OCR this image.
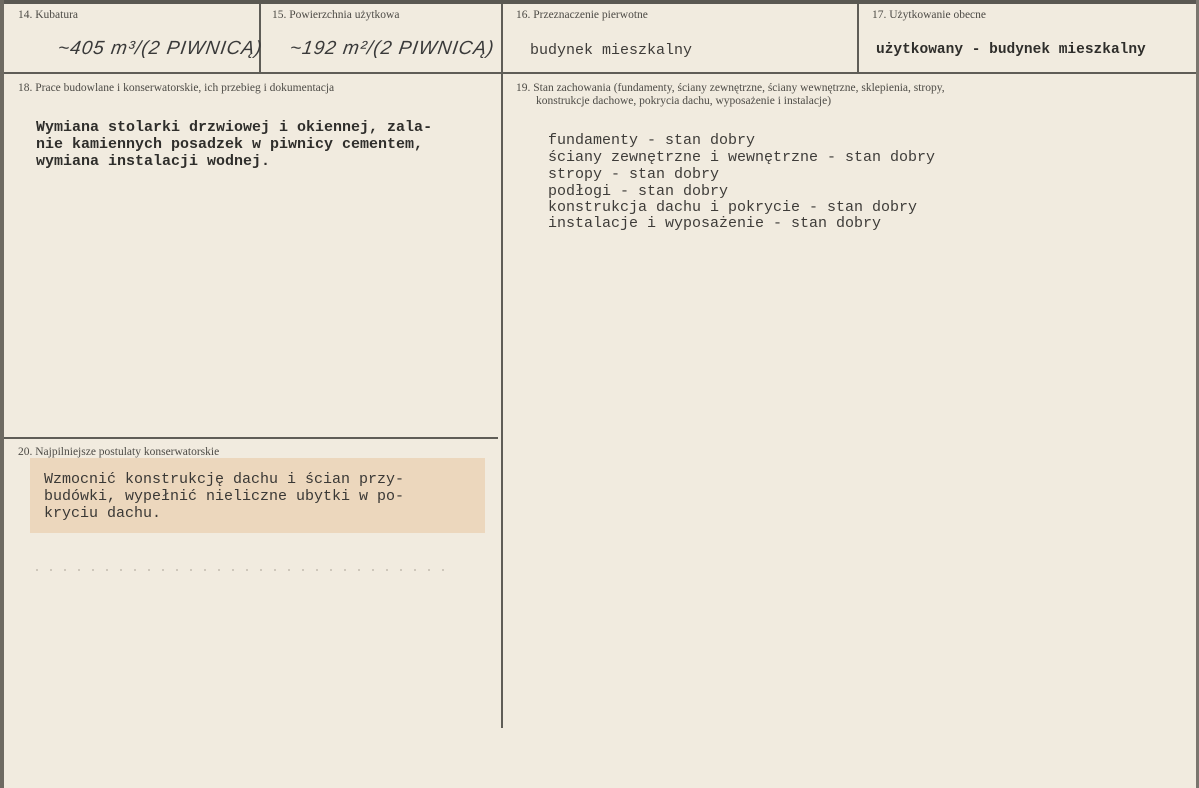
14. Kubatura
~405 m³/(2 PIWNICĄ)
15. Powierzchnia użytkowa
~192 m²/(2 PIWNICĄ)
16. Przeznaczenie pierwotne
budynek mieszkalny
17. Użytkowanie obecne
użytkowany - budynek mieszkalny
18. Prace budowlane i konserwatorskie, ich przebieg i dokumentacja
Wymiana stolarki drzwiowej i okiennej, zala-
nie kamiennych posadzek w piwnicy cementem,
wymiana instalacji wodnej.
19. Stan zachowania (fundamenty, ściany zewnętrzne, ściany wewnętrzne, sklepienia, stropy,
konstrukcje dachowe, pokrycia dachu, wyposażenie i instalacje)
fundamenty - stan dobry
ściany zewnętrzne i wewnętrzne - stan dobry
stropy - stan dobry
podłogi - stan dobry
konstrukcja dachu i pokrycie - stan dobry
instalacje i wyposażenie - stan dobry
20. Najpilniejsze postulaty konserwatorskie
Wzmocnić konstrukcję dachu i ścian przy-
budówki, wypełnić nieliczne ubytki w po-
kryciu dachu.
